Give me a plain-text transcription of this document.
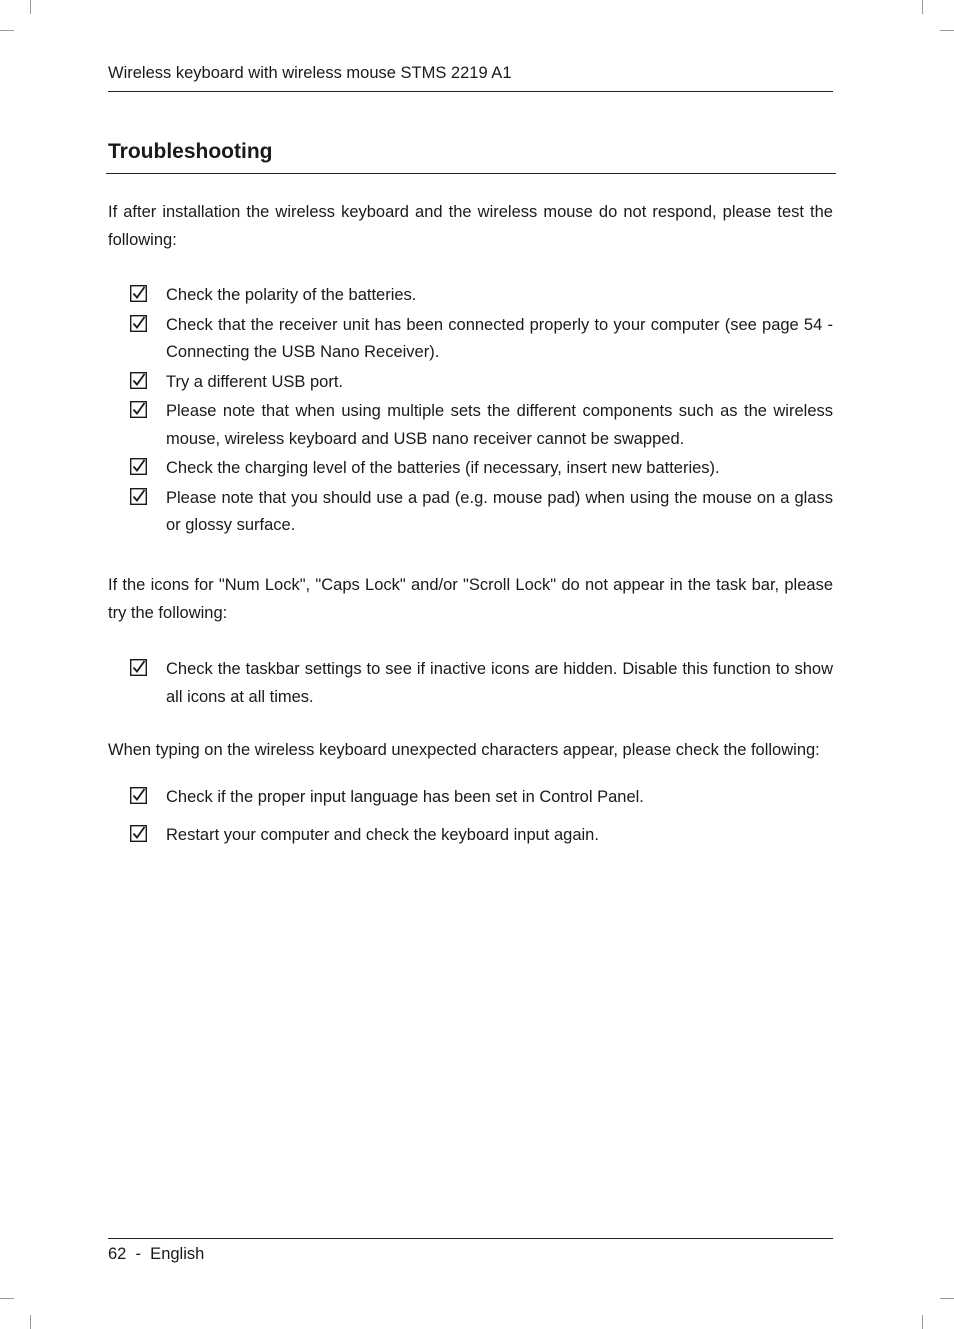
Wireless keyboard with wireless mouse STMS 2219 A1
Troubleshooting

If after installation the wireless keyboard and the wireless mouse do not respond, please test the following:

Check the polarity of the batteries.
Check that the receiver unit has been connected properly to your computer (see page 54 - Connecting the USB Nano Receiver).
Try a different USB port.
Please note that when using multiple sets the different components such as the wireless mouse, wireless keyboard and USB nano receiver cannot be swapped.
Check the charging level of the batteries (if necessary, insert new batteries).
Please note that you should use a pad (e.g. mouse pad) when using the mouse on a glass or glossy surface.

If the icons for "Num Lock", "Caps Lock" and/or "Scroll Lock" do not appear in the task bar, please try the following:

Check the taskbar settings to see if inactive icons are hidden. Disable this function to show all icons at all times.

When typing on the wireless keyboard unexpected characters appear, please check the following:

Check if the proper input language has been set in Control Panel.
Restart your computer and check the keyboard input again.
62  -  English
